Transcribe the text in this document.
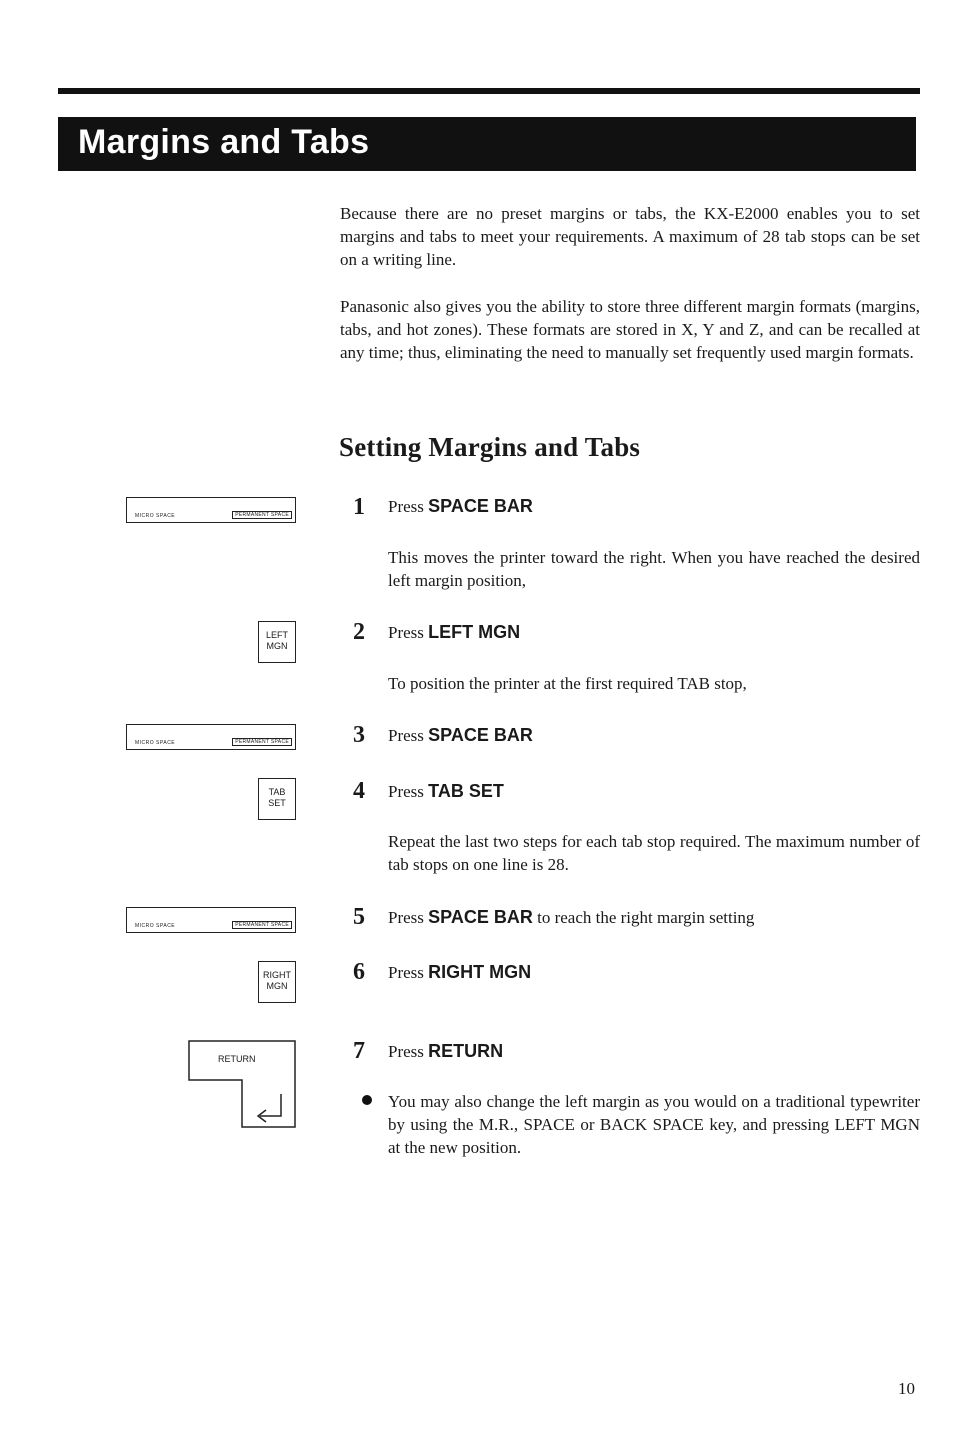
Margins and Tabs

Because there are no preset margins or tabs, the KX-E2000 enables you to set margins and tabs to meet your requirements. A maximum of 28 tab stops can be set on a writing line.

Panasonic also gives you the ability to store three different margin formats (margins, tabs, and hot zones). These formats are stored in X, Y and Z, and can be recalled at any time; thus, eliminating the need to manually set frequently used margin formats.

Setting Margins and Tabs
1 Press SPACE BAR

This moves the printer toward the right. When you have reached the desired left margin position,

2 Press LEFT MGN

To position the printer at the first required TAB stop,

3 Press SPACE BAR
4 Press TAB SET

Repeat the last two steps for each tab stop required. The maximum number of tab stops on one line is 28.

5 Press SPACE BAR to reach the right margin setting
6 Press RIGHT MGN
7 Press RETURN

You may also change the left margin as you would on a traditional typewriter by using the M.R., SPACE or BACK SPACE key, and pressing LEFT MGN at the new position.

MICRO SPACE	PERMANENT SPACE
LEFT
MGN
MICRO SPACE	PERMANENT SPACE
TAB
SET
MICRO SPACE	PERMANENT SPACE
RIGHT
MGN
RETURN
10
